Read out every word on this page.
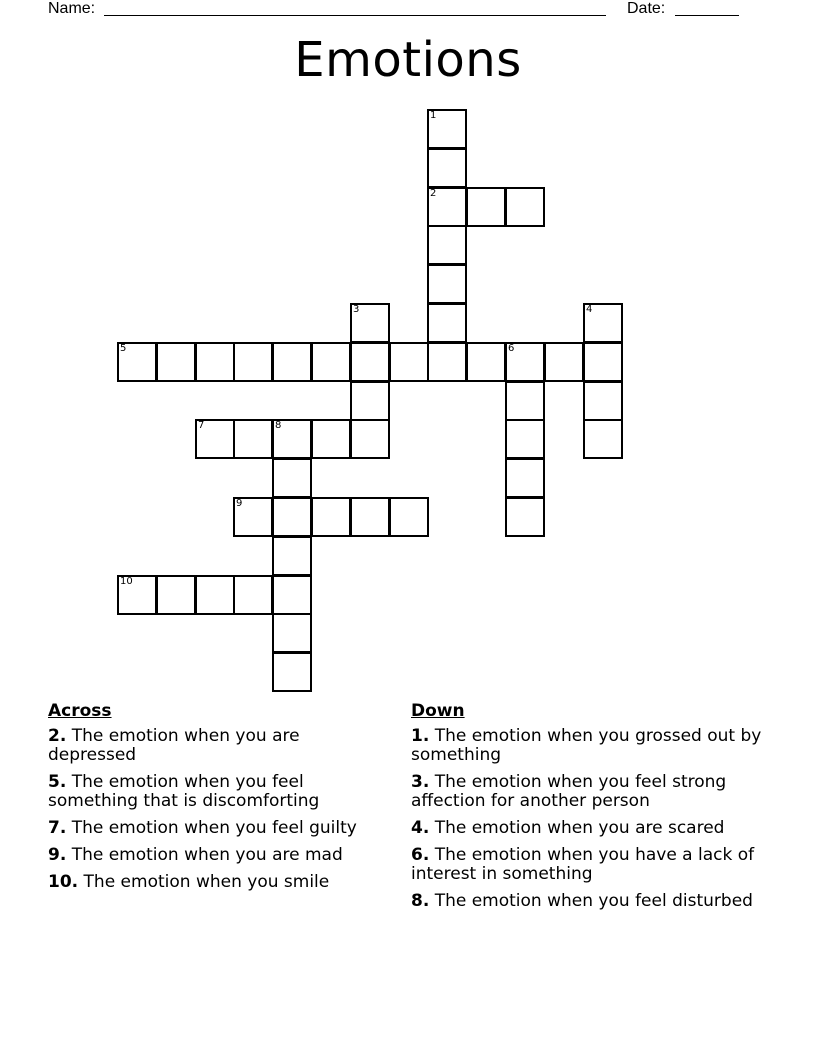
Name:	Date:
Emotions
1
2
3	4
5	6
7	8
9
10
Across
2. The emotion when you are depressed
5. The emotion when you feel something that is discomforting
7. The emotion when you feel guilty
9. The emotion when you are mad
10. The emotion when you smile
Down
1. The emotion when you grossed out by something
3. The emotion when you feel strong affection for another person
4. The emotion when you are scared
6. The emotion when you have a lack of interest in something
8. The emotion when you feel disturbed
